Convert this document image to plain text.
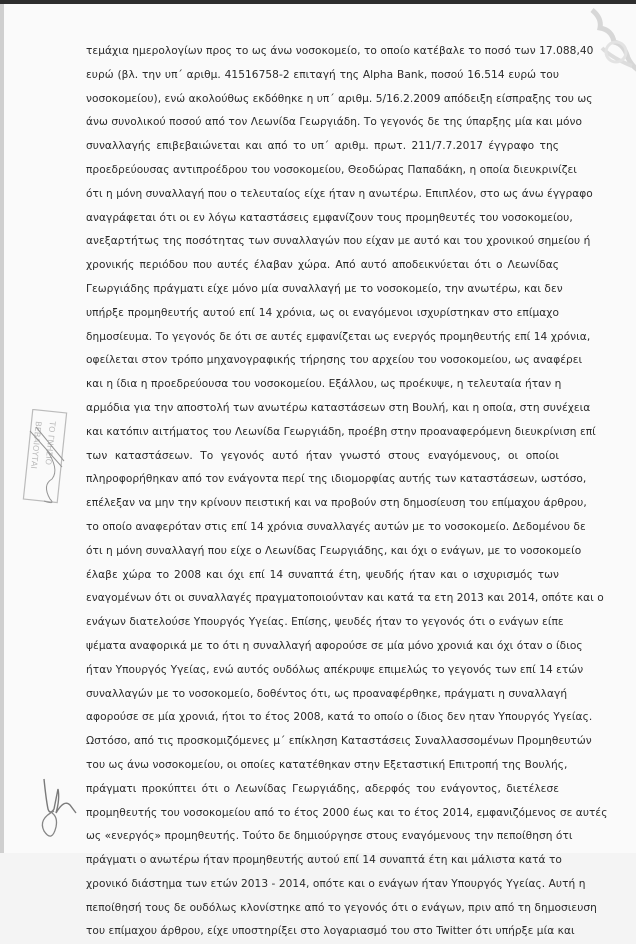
ΒΕΒΑΙΟΥΤΑΙ ΤΟ ΓΝΗΣΙΟ
τεμάχια ημερολογίων προς το ως άνω νοσοκομείο, το οποίο κατέβαλε το ποσό των 17.088,40
ευρώ (βλ. την υπ΄ αριθμ. 41516758-2 επιταγή της Alpha Bank, ποσού 16.514 ευρώ του
νοσοκομείου), ενώ ακολούθως εκδόθηκε η υπ΄ αριθμ. 5/16.2.2009 απόδειξη είσπραξης του ως
άνω συνολικού ποσού από τον Λεωνίδα Γεωργιάδη. Το γεγονός δε της ύπαρξης μία και μόνο
συναλλαγής επιβεβαιώνεται και από το υπ΄ αριθμ. πρωτ. 211/7.7.2017 έγγραφο της
προεδρεύουσας αντιπροέδρου του νοσοκομείου, Θεοδώρας Παπαδάκη, η οποία διευκρινίζει
ότι η μόνη συναλλαγή που ο τελευταίος είχε ήταν η ανωτέρω. Επιπλέον, στο ως άνω έγγραφο
αναγράφεται ότι οι εν λόγω καταστάσεις εμφανίζουν τους προμηθευτές του νοσοκομείου,
ανεξαρτήτως της ποσότητας των συναλλαγών που είχαν με αυτό και του χρονικού σημείου ή
χρονικής περιόδου που αυτές έλαβαν χώρα. Από αυτό αποδεικνύεται ότι ο Λεωνίδας
Γεωργιάδης πράγματι είχε μόνο μία συναλλαγή με το νοσοκομείο, την ανωτέρω, και δεν
υπήρξε προμηθευτής αυτού επί 14 χρόνια, ως οι εναγόμενοι ισχυρίστηκαν στο επίμαχο
δημοσίευμα. Το γεγονός δε ότι σε αυτές εμφανίζεται ως ενεργός προμηθευτής επί 14 χρόνια,
οφείλεται στον τρόπο μηχανογραφικής τήρησης του αρχείου του νοσοκομείου, ως αναφέρει
και η ίδια η προεδρεύουσα του νοσοκομείου. Εξάλλου, ως προέκυψε, η τελευταία ήταν η
αρμόδια για την αποστολή των ανωτέρω καταστάσεων στη Βουλή, και η οποία, στη συνέχεια
και κατόπιν αιτήματος του Λεωνίδα Γεωργιάδη, προέβη στην προαναφερόμενη διευκρίνιση επί
των καταστάσεων. Το γεγονός αυτό ήταν γνωστό στους εναγόμενους, οι οποίοι
πληροφορήθηκαν από τον ενάγοντα περί της ιδιομορφίας αυτής των καταστάσεων, ωστόσο,
επέλεξαν να μην την κρίνουν πειστική και να προβούν στη δημοσίευση του επίμαχου άρθρου,
το οποίο αναφερόταν στις επί 14 χρόνια συναλλαγές αυτών με το νοσοκομείο. Δεδομένου δε
ότι η μόνη συναλλαγή που είχε ο Λεωνίδας Γεωργιάδης, και όχι ο ενάγων, με το νοσοκομείο
έλαβε χώρα το 2008 και όχι επί 14 συναπτά έτη, ψευδής ήταν και ο ισχυρισμός των
εναγομένων ότι οι συναλλαγές πραγματοποιούνταν και κατά τα ετη 2013 και 2014, οπότε και ο
ενάγων διατελούσε Υπουργός Υγείας. Επίσης, ψευδές ήταν το γεγονός ότι ο ενάγων είπε
ψέματα αναφορικά με το ότι η συναλλαγή αφορούσε σε μία μόνο χρονιά και όχι όταν ο ίδιος
ήταν Υπουργός Υγείας, ενώ αυτός ουδόλως απέκρυψε επιμελώς το γεγονός των επί 14 ετών
συναλλαγών με το νοσοκομείο, δοθέντος ότι, ως προαναφέρθηκε, πράγματι η συναλλαγή
αφορούσε σε μία χρονιά, ήτοι το έτος 2008, κατά το οποίο ο ίδιος δεν ηταν Υπουργός Υγείας.
Ωστόσο, από τις προσκομιζόμενες μ΄ επίκληση Καταστάσεις Συναλλασσομένων Προμηθευτών
του ως άνω νοσοκομείου, οι οποίες κατατέθηκαν στην Εξεταστική Επιτροπή της Βουλής,
πράγματι προκύπτει ότι ο Λεωνίδας Γεωργιάδης, αδερφός του ενάγοντος, διετέλεσε
προμηθευτής του νοσοκομείου από το έτος 2000 έως και το έτος 2014, εμφανιζόμενος σε αυτές
ως «ενεργός» προμηθευτής. Τούτο δε δημιούργησε στους εναγόμενους την πεποίθηση ότι
πράγματι ο ανωτέρω ήταν προμηθευτής αυτού επί 14 συναπτά έτη και μάλιστα κατά το
χρονικό διάστημα των ετών 2013 - 2014, οπότε και ο ενάγων ήταν Υπουργός Υγείας. Αυτή η
πεποίθησή τους δε ουδόλως κλονίστηκε από το γεγονός ότι ο ενάγων, πριν από τη δημοσιευση
του επίμαχου άρθρου, είχε υποστηρίξει στο λογαριασμό του στο Twitter ότι υπήρξε μία και
